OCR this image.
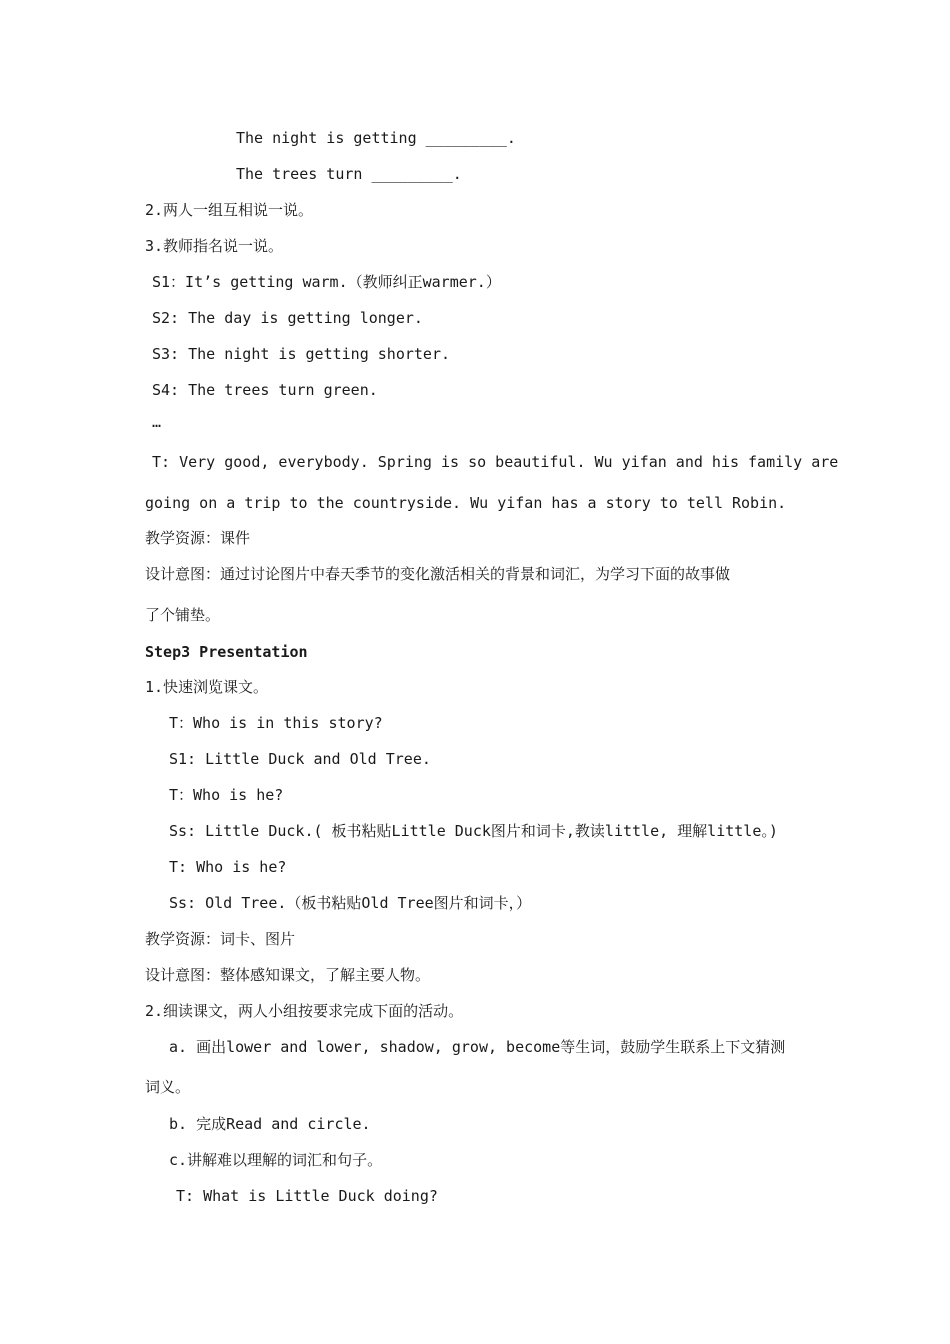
The night is getting _________.
The trees turn _________.
2.两人一组互相说一说。
3.教师指名说一说。
S1：It’s getting warm.（教师纠正warmer.）
S2: The day is getting longer.
S3: The night is getting shorter.
S4: The trees turn green.
…
T: Very good, everybody. Spring is so beautiful. Wu yifan and his family are
going on a trip to the countryside. Wu yifan has a story to tell Robin.
教学资源：课件
设计意图：通过讨论图片中春天季节的变化激活相关的背景和词汇，为学习下面的故事做
了个铺垫。
Step3 Presentation
1.快速浏览课文。
T：Who is in this story?
S1: Little Duck and Old Tree.
T：Who is he?
Ss: Little Duck.( 板书粘贴Little Duck图片和词卡,教读little, 理解little。)
T: Who is he?
Ss: Old Tree.（板书粘贴Old Tree图片和词卡，）
教学资源：词卡、图片
设计意图：整体感知课文，了解主要人物。
2.细读课文，两人小组按要求完成下面的活动。
a. 画出lower and lower, shadow, grow, become等生词，鼓励学生联系上下文猜测
词义。
b. 完成Read and circle.
c.讲解难以理解的词汇和句子。
T: What is Little Duck doing?
